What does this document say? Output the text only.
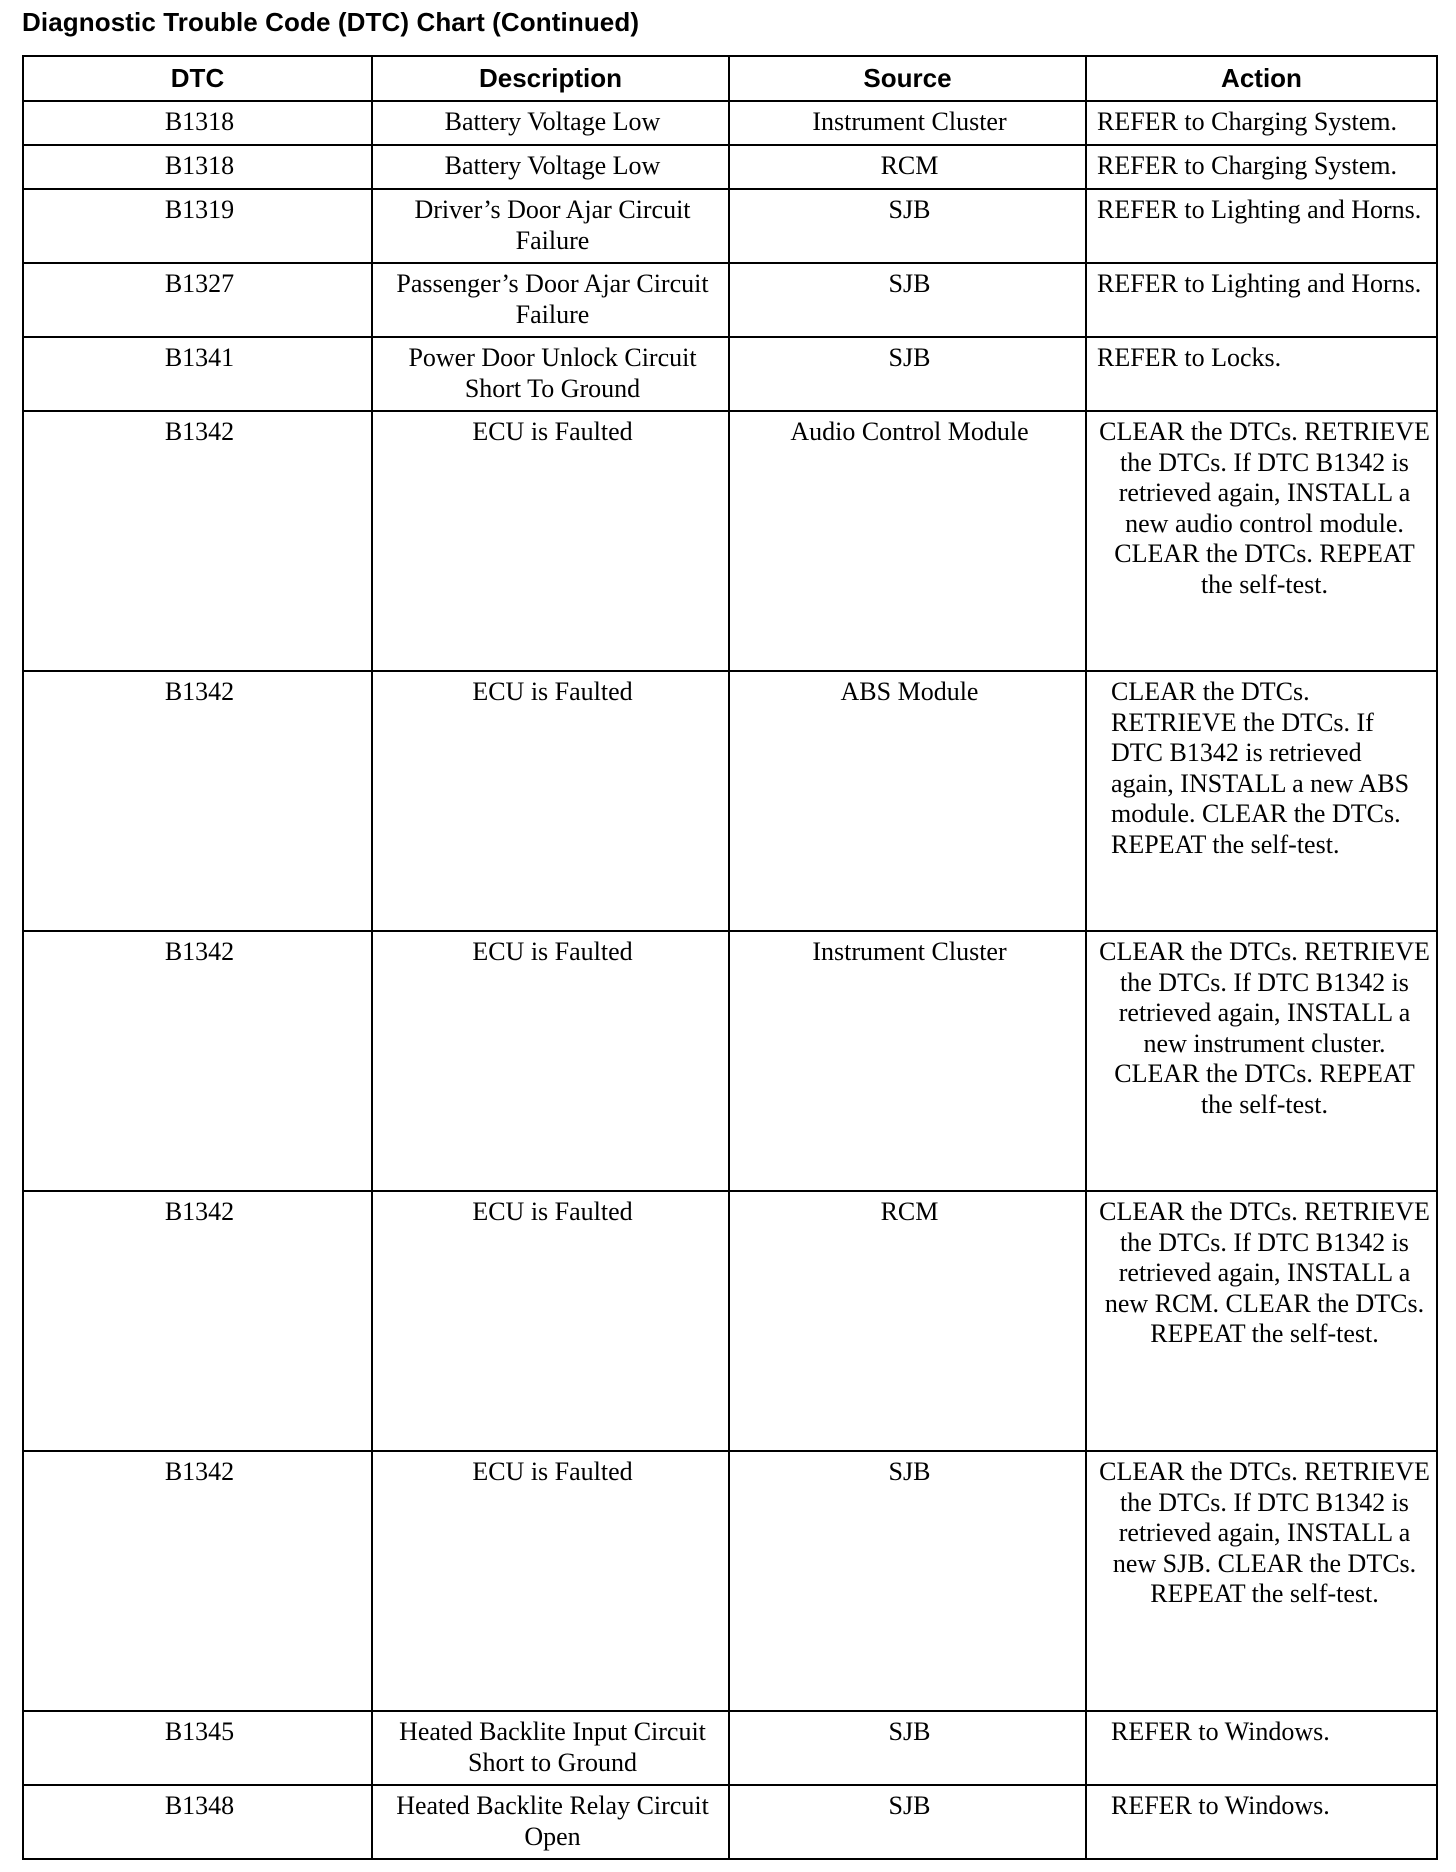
Diagnostic Trouble Code (DTC) Chart (Continued)
DTC	Description	Source	Action

B1318	Battery Voltage Low	Instrument Cluster	REFER to Charging System.

B1318	Battery Voltage Low	RCM	REFER to Charging System.

B1319	Driver’s Door Ajar Circuit Failure	SJB	REFER to Lighting and Horns.

B1327	Passenger’s Door Ajar Circuit Failure	SJB	REFER to Lighting and Horns.

B1341	Power Door Unlock Circuit Short To Ground	SJB	REFER to Locks.

B1342	ECU is Faulted	Audio Control Module	CLEAR the DTCs. RETRIEVE the DTCs. If DTC B1342 is retrieved again, INSTALL a new audio control module. CLEAR the DTCs. REPEAT the self-test.

B1342	ECU is Faulted	ABS Module	CLEAR the DTCs. RETRIEVE the DTCs. If DTC B1342 is retrieved again, INSTALL a new ABS module. CLEAR the DTCs. REPEAT the self-test.

B1342	ECU is Faulted	Instrument Cluster	CLEAR the DTCs. RETRIEVE the DTCs. If DTC B1342 is retrieved again, INSTALL a new instrument cluster. CLEAR the DTCs. REPEAT the self-test.

B1342	ECU is Faulted	RCM	CLEAR the DTCs. RETRIEVE the DTCs. If DTC B1342 is retrieved again, INSTALL a new RCM. CLEAR the DTCs. REPEAT the self-test.

B1342	ECU is Faulted	SJB	CLEAR the DTCs. RETRIEVE the DTCs. If DTC B1342 is retrieved again, INSTALL a new SJB. CLEAR the DTCs. REPEAT the self-test.

B1345	Heated Backlite Input Circuit Short to Ground	SJB	REFER to Windows.

B1348	Heated Backlite Relay Circuit Open	SJB	REFER to Windows.
